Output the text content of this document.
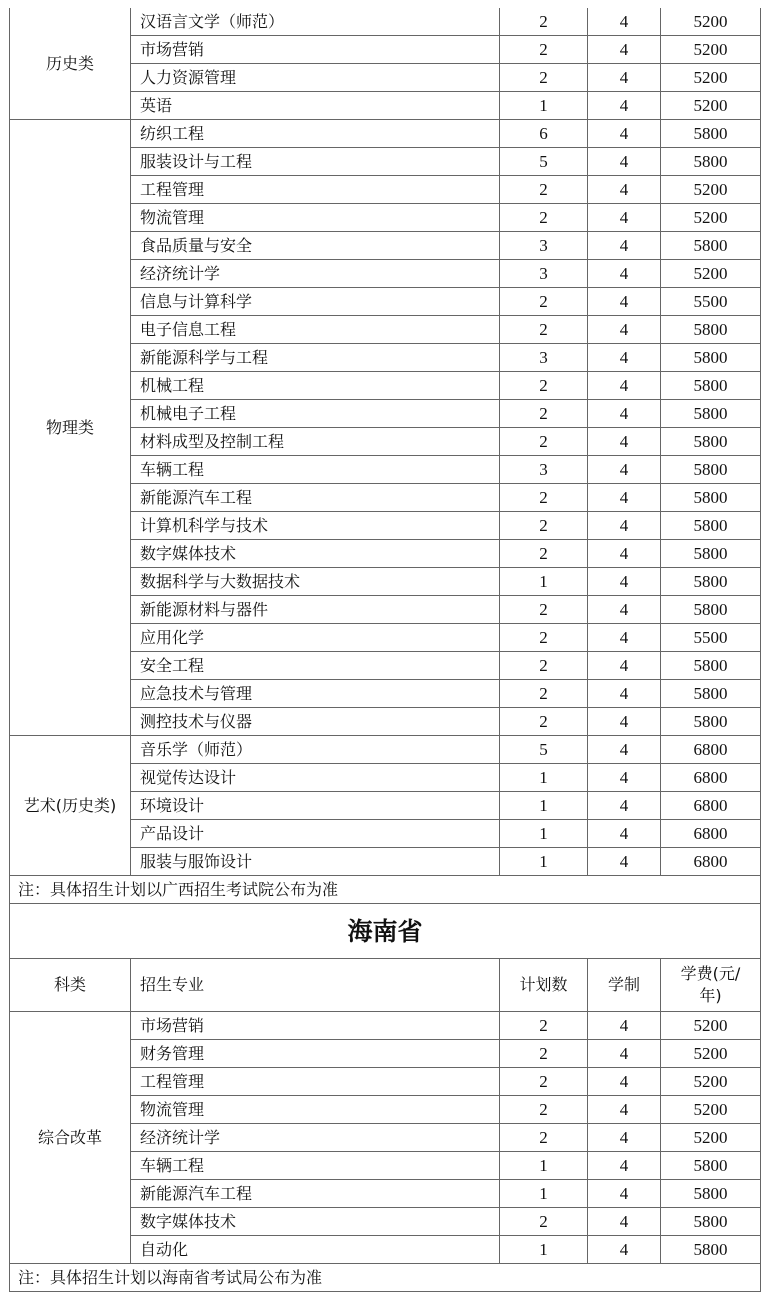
历史类	汉语言文学（师范）	2	4	5200
	市场营销	2	4	5200
	人力资源管理	2	4	5200
	英语	1	4	5200
物理类	纺织工程	6	4	5800
	服装设计与工程	5	4	5800
	工程管理	2	4	5200
	物流管理	2	4	5200
	食品质量与安全	3	4	5800
	经济统计学	3	4	5200
	信息与计算科学	2	4	5500
	电子信息工程	2	4	5800
	新能源科学与工程	3	4	5800
	机械工程	2	4	5800
	机械电子工程	2	4	5800
	材料成型及控制工程	2	4	5800
	车辆工程	3	4	5800
	新能源汽车工程	2	4	5800
	计算机科学与技术	2	4	5800
	数字媒体技术	2	4	5800
	数据科学与大数据技术	1	4	5800
	新能源材料与器件	2	4	5800
	应用化学	2	4	5500
	安全工程	2	4	5800
	应急技术与管理	2	4	5800
	测控技术与仪器	2	4	5800
艺术(历史类)	音乐学（师范）	5	4	6800
	视觉传达设计	1	4	6800
	环境设计	1	4	6800
	产品设计	1	4	6800
	服装与服饰设计	1	4	6800
注：具体招生计划以广西招生考试院公布为准				
海南省				
科类	招生专业	计划数	学制	学费(元/年)
综合改革	市场营销	2	4	5200
	财务管理	2	4	5200
	工程管理	2	4	5200
	物流管理	2	4	5200
	经济统计学	2	4	5200
	车辆工程	1	4	5800
	新能源汽车工程	1	4	5800
	数字媒体技术	2	4	5800
	自动化	1	4	5800
注：具体招生计划以海南省考试局公布为准				
